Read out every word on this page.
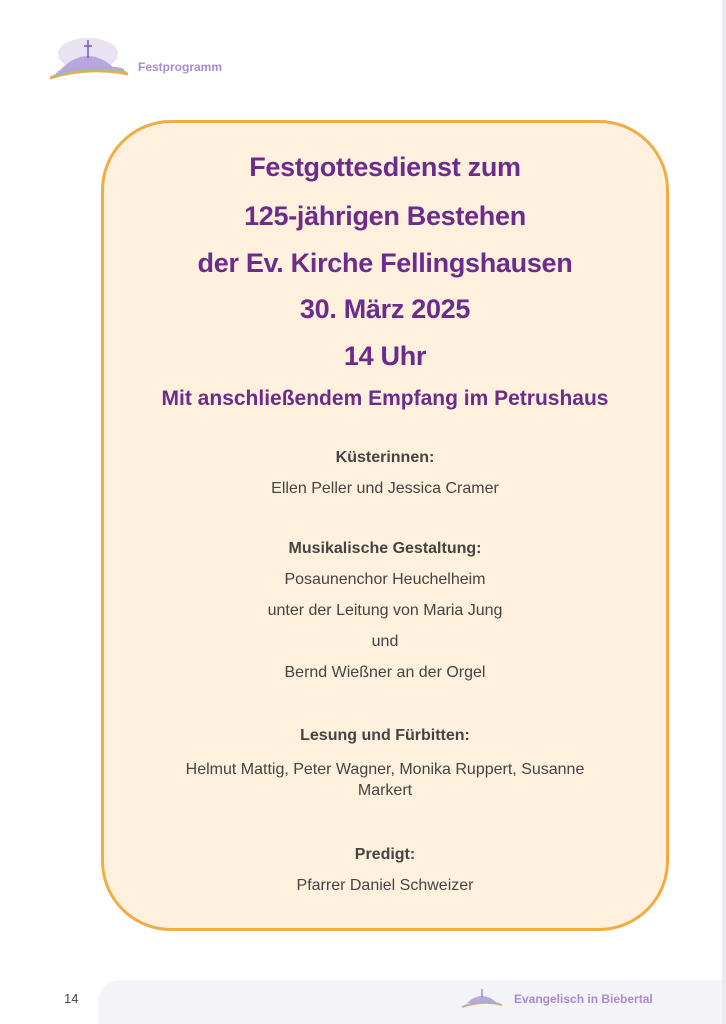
Festprogramm

Festgottesdienst zum

125-jährigen Bestehen

der Ev. Kirche Fellingshausen

30. März 2025

14 Uhr

Mit anschließendem Empfang im Petrushaus

Küsterinnen:

Ellen Peller und Jessica Cramer

Musikalische Gestaltung:

Posaunenchor Heuchelheim

unter der Leitung von Maria Jung

und

Bernd Wießner an der Orgel

Lesung und Fürbitten:

Helmut Mattig, Peter Wagner, Monika Ruppert, Susanne

Markert

Predigt:

Pfarrer Daniel Schweizer

14	Evangelisch in Biebertal
